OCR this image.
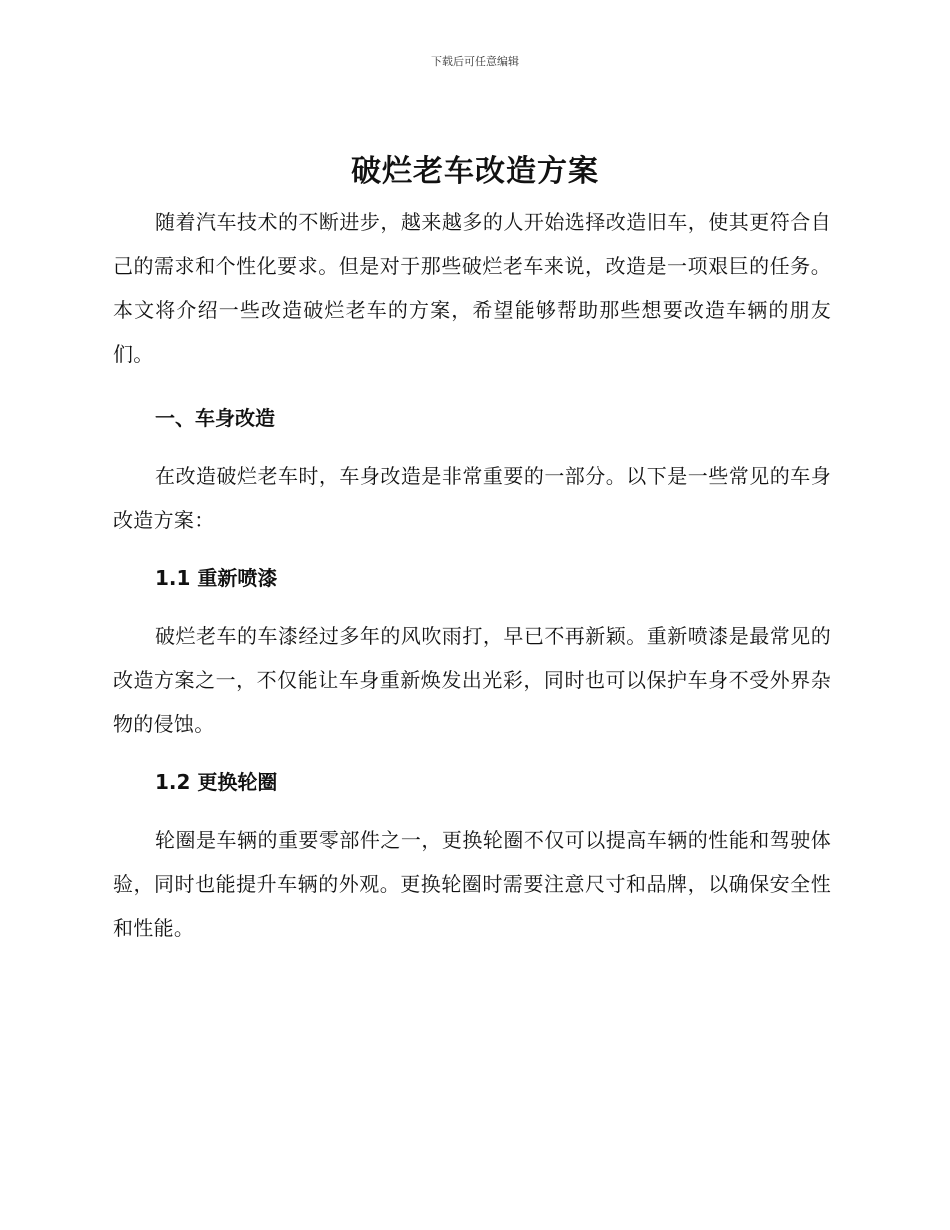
下载后可任意编辑
破烂老车改造方案

随着汽车技术的不断进步，越来越多的人开始选择改造旧车，使其更符合自己的需求和个性化要求。但是对于那些破烂老车来说，改造是一项艰巨的任务。本文将介绍一些改造破烂老车的方案，希望能够帮助那些想要改造车辆的朋友们。

一、车身改造

在改造破烂老车时，车身改造是非常重要的一部分。以下是一些常见的车身改造方案：

1.1 重新喷漆

破烂老车的车漆经过多年的风吹雨打，早已不再新颖。重新喷漆是最常见的改造方案之一，不仅能让车身重新焕发出光彩，同时也可以保护车身不受外界杂物的侵蚀。

1.2 更换轮圈

轮圈是车辆的重要零部件之一，更换轮圈不仅可以提高车辆的性能和驾驶体验，同时也能提升车辆的外观。更换轮圈时需要注意尺寸和品牌，以确保安全性和性能。
